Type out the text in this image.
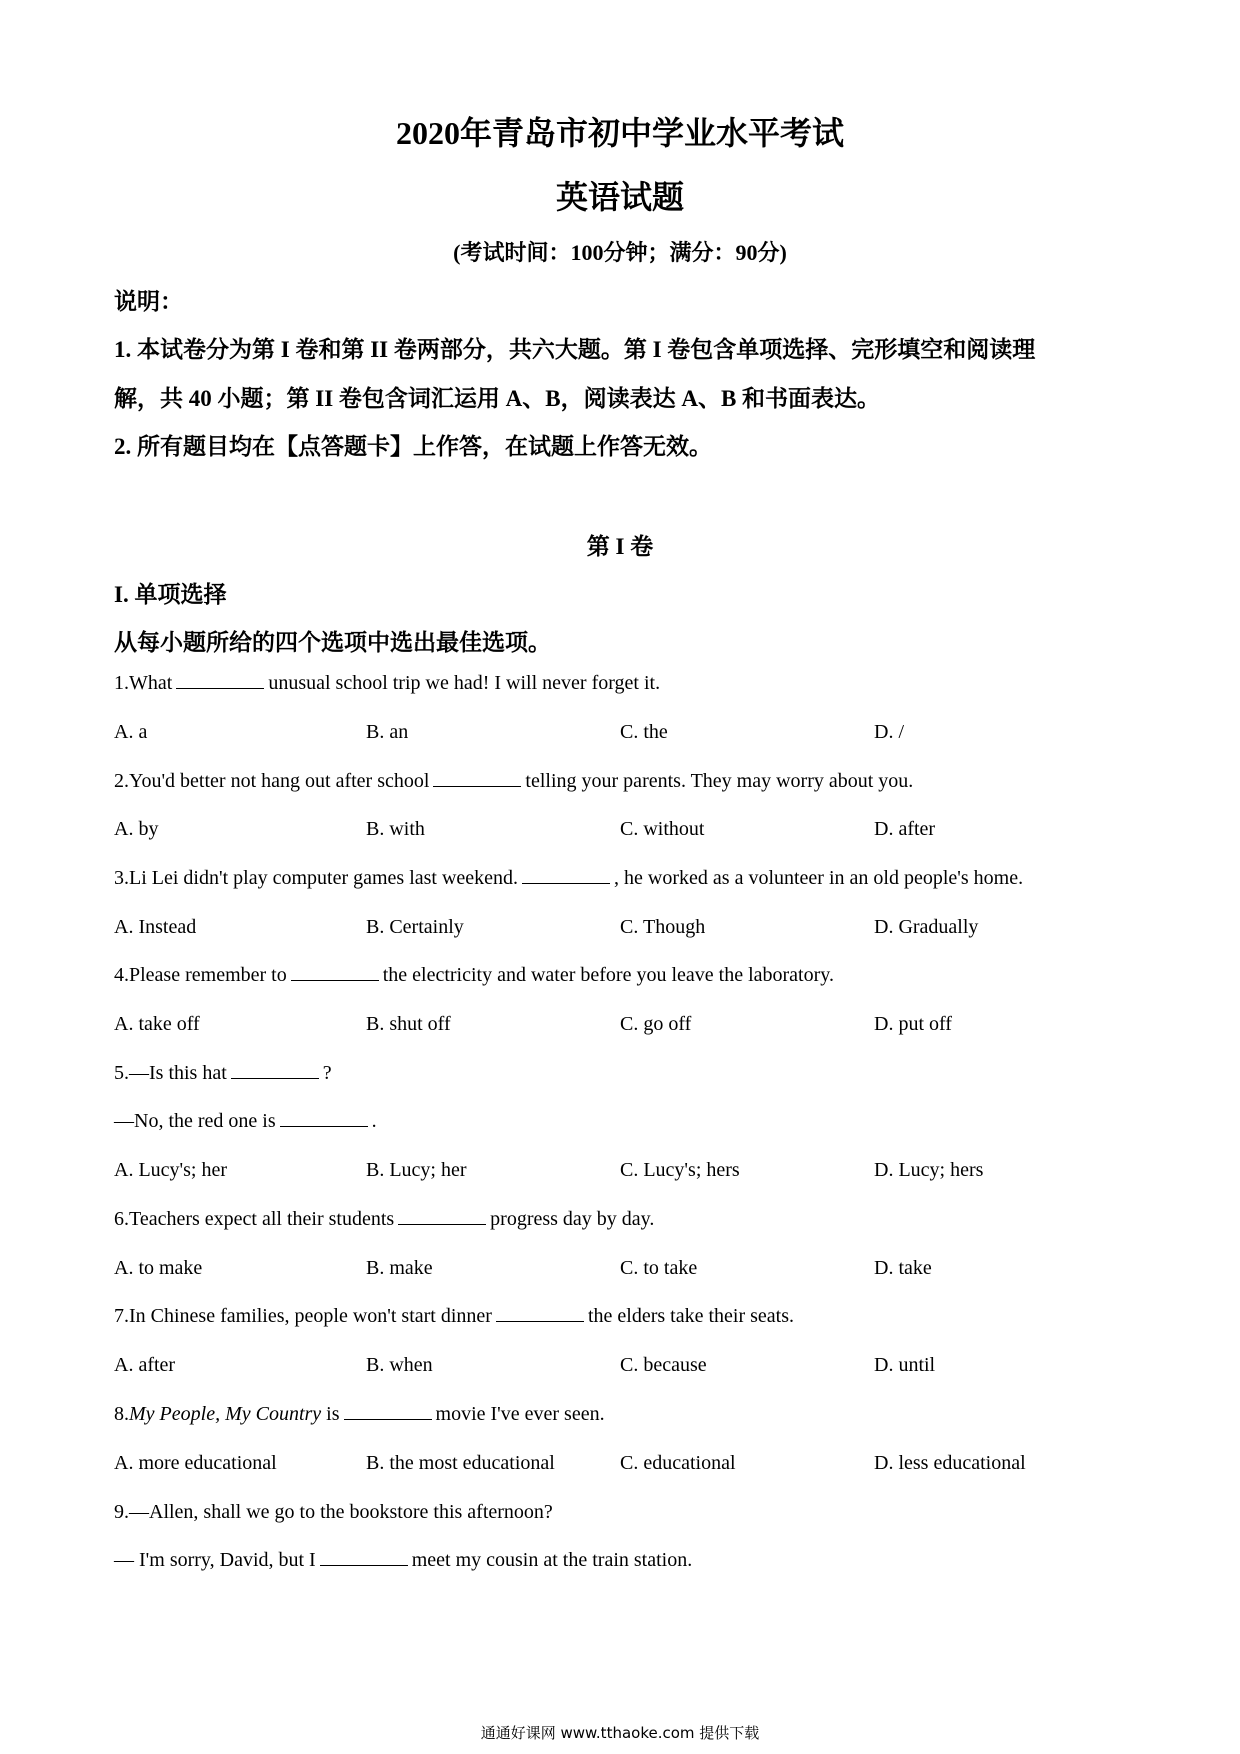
2020年青岛市初中学业水平考试
英语试题
(考试时间：100分钟；满分：90分)
说明：
1. 本试卷分为第 I 卷和第 II 卷两部分，共六大题。第 I 卷包含单项选择、完形填空和阅读理
解，共 40 小题；第 II 卷包含词汇运用 A、B，阅读表达 A、B 和书面表达。
2. 所有题目均在【点答题卡】上作答，在试题上作答无效。
第 I 卷
I. 单项选择
从每小题所给的四个选项中选出最佳选项。
1.What	unusual school trip we had! I will never forget it.
A. a	B. an	C. the	D. /
2.You'd better not hang out after school	telling your parents. They may worry about you.
A. by	B. with	C. without	D. after
3.Li Lei didn't play computer games last weekend.	, he worked as a volunteer in an old people's home.
A. Instead	B. Certainly	C. Though	D. Gradually
4.Please remember to	the electricity and water before you leave the laboratory.
A. take off	B. shut off	C. go off	D. put off
5.—Is this hat	?
—No, the red one is	.
A. Lucy's; her	B. Lucy; her	C. Lucy's; hers	D. Lucy; hers
6.Teachers expect all their students	progress day by day.
A. to make	B. make	C. to take	D. take
7.In Chinese families, people won't start dinner	the elders take their seats.
A. after	B. when	C. because	D. until
8.My People, My Country is	movie I've ever seen.
A. more educational	B. the most educational	C. educational	D. less educational
9.—Allen, shall we go to the bookstore this afternoon?
— I'm sorry, David, but I	meet my cousin at the train station.
通通好课网 www.tthaoke.com 提供下载
